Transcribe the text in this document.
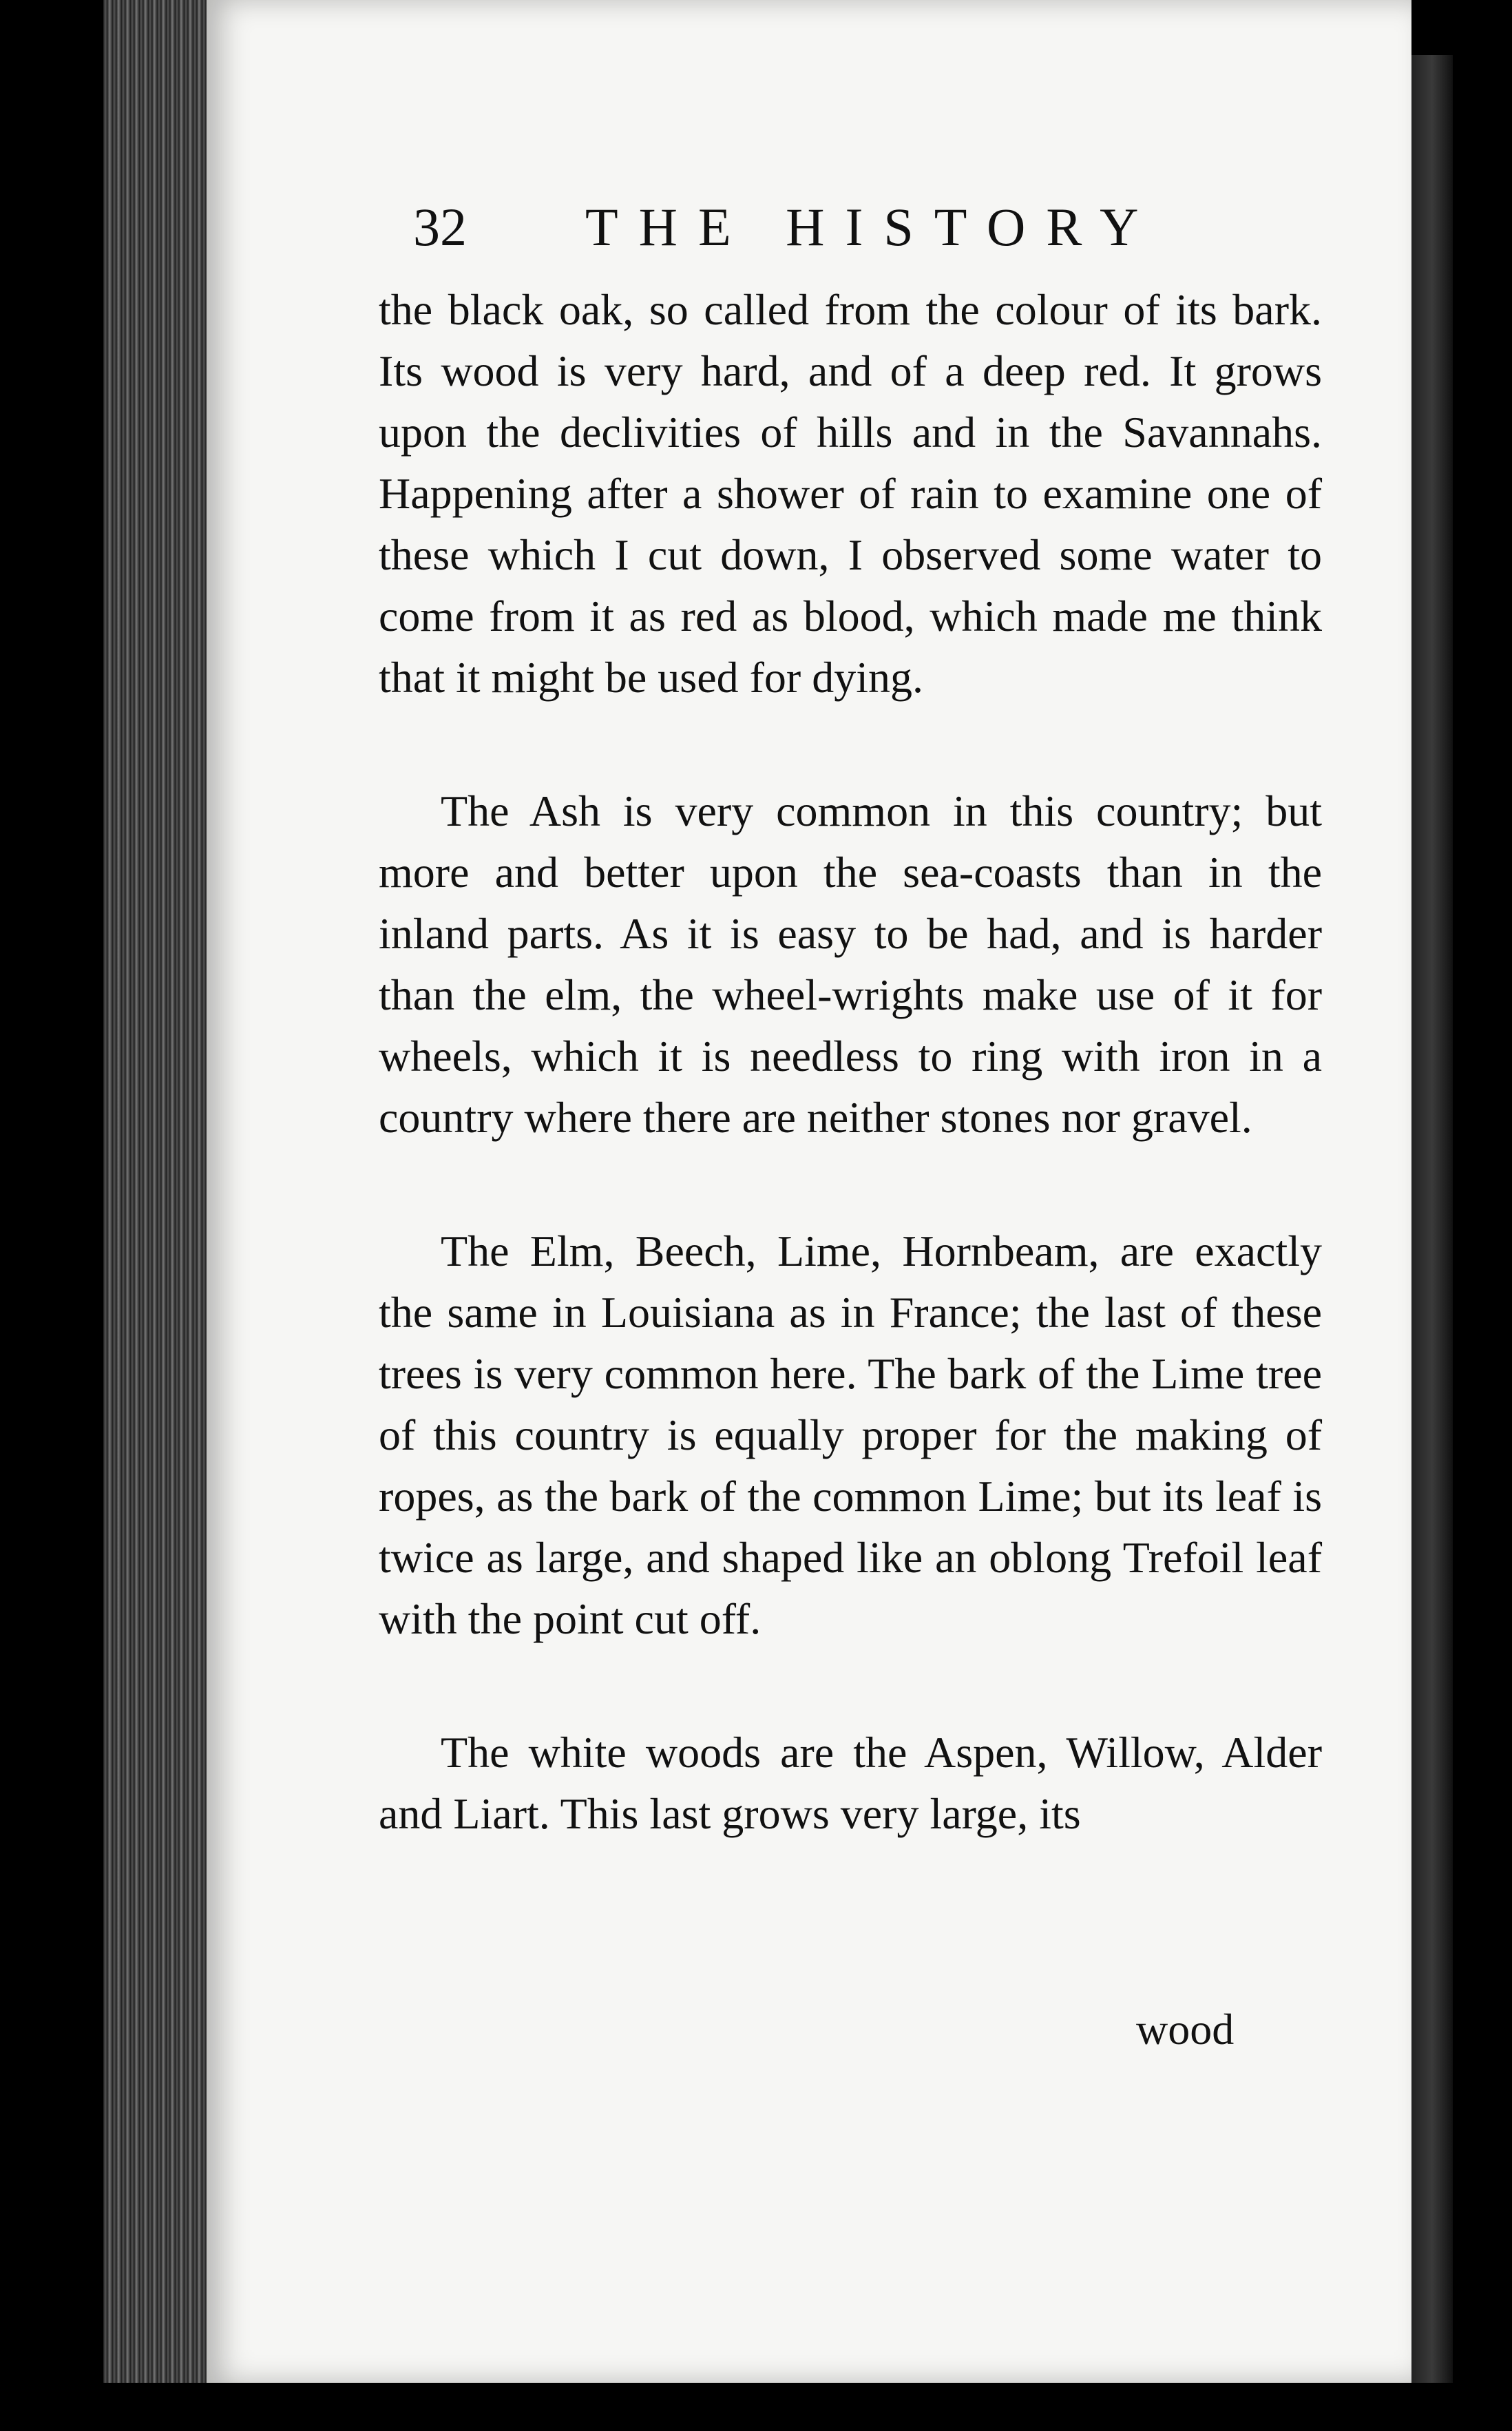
32 THE HISTORY

the black oak, so called from the colour of its bark. Its wood is very hard, and of a deep red. It grows upon the declivities of hills and in the Savannahs. Happening after a shower of rain to examine one of these which I cut down, I observed some water to come from it as red as blood, which made me think that it might be used for dying.

The Ash is very common in this country; but more and better upon the sea-coasts than in the inland parts. As it is easy to be had, and is harder than the elm, the wheel-wrights make use of it for wheels, which it is needless to ring with iron in a country where there are neither stones nor gravel.

The Elm, Beech, Lime, Hornbeam, are exactly the same in Louisiana as in France; the last of these trees is very common here. The bark of the Lime tree of this country is equally proper for the making of ropes, as the bark of the common Lime; but its leaf is twice as large, and shaped like an oblong Trefoil leaf with the point cut off.

The white woods are the Aspen, Willow, Alder and Liart. This last grows very large, its

wood
